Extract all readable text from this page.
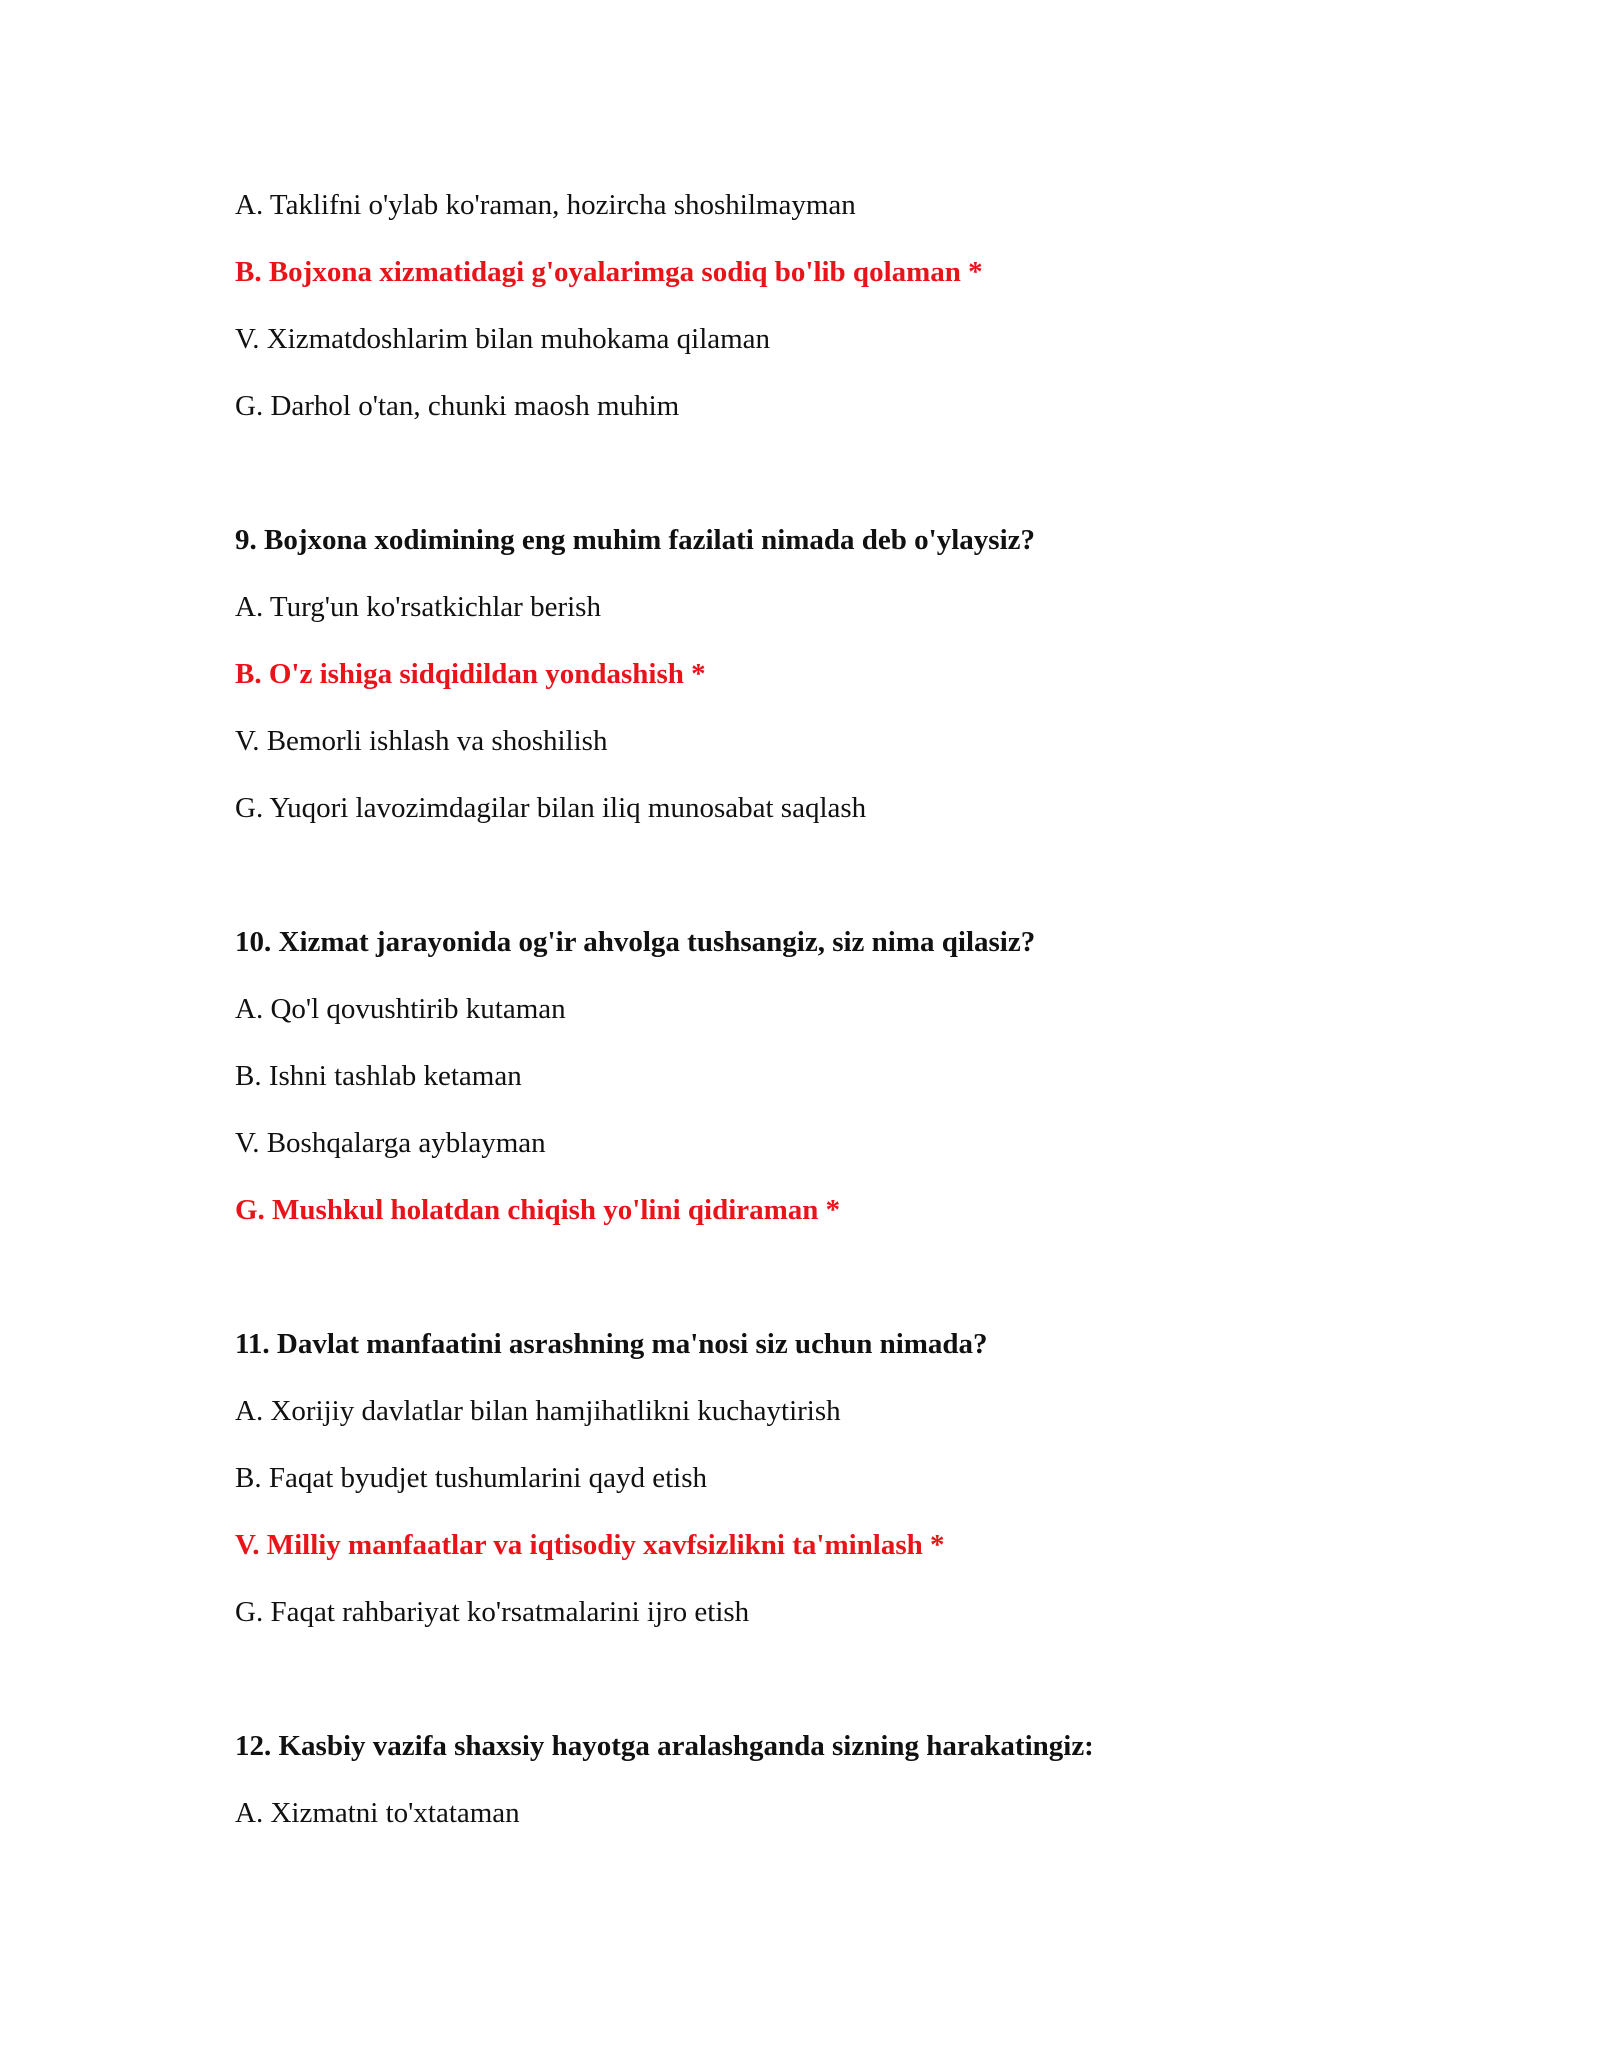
A. Taklifni o'ylab ko'raman, hozircha shoshilmayman

B. Bojxona xizmatidagi g'oyalarimga sodiq bo'lib qolaman *

V. Xizmatdoshlarim bilan muhokama qilaman

G. Darhol o'tan, chunki maosh muhim

9. Bojxona xodimining eng muhim fazilati nimada deb o'ylaysiz?

A. Turg'un ko'rsatkichlar berish

B. O'z ishiga sidqidildan yondashish *

V. Bemorli ishlash va shoshilish

G. Yuqori lavozimdagilar bilan iliq munosabat saqlash

10. Xizmat jarayonida og'ir ahvolga tushsangiz, siz nima qilasiz?

A. Qo'l qovushtirib kutaman

B. Ishni tashlab ketaman

V. Boshqalarga ayblayman

G. Mushkul holatdan chiqish yo'lini qidiraman *

11. Davlat manfaatini asrashning ma'nosi siz uchun nimada?

A. Xorijiy davlatlar bilan hamjihatlikni kuchaytirish

B. Faqat byudjet tushumlarini qayd etish

V. Milliy manfaatlar va iqtisodiy xavfsizlikni ta'minlash *

G. Faqat rahbariyat ko'rsatmalarini ijro etish

12. Kasbiy vazifa shaxsiy hayotga aralashganda sizning harakatingiz:

A. Xizmatni to'xtataman
